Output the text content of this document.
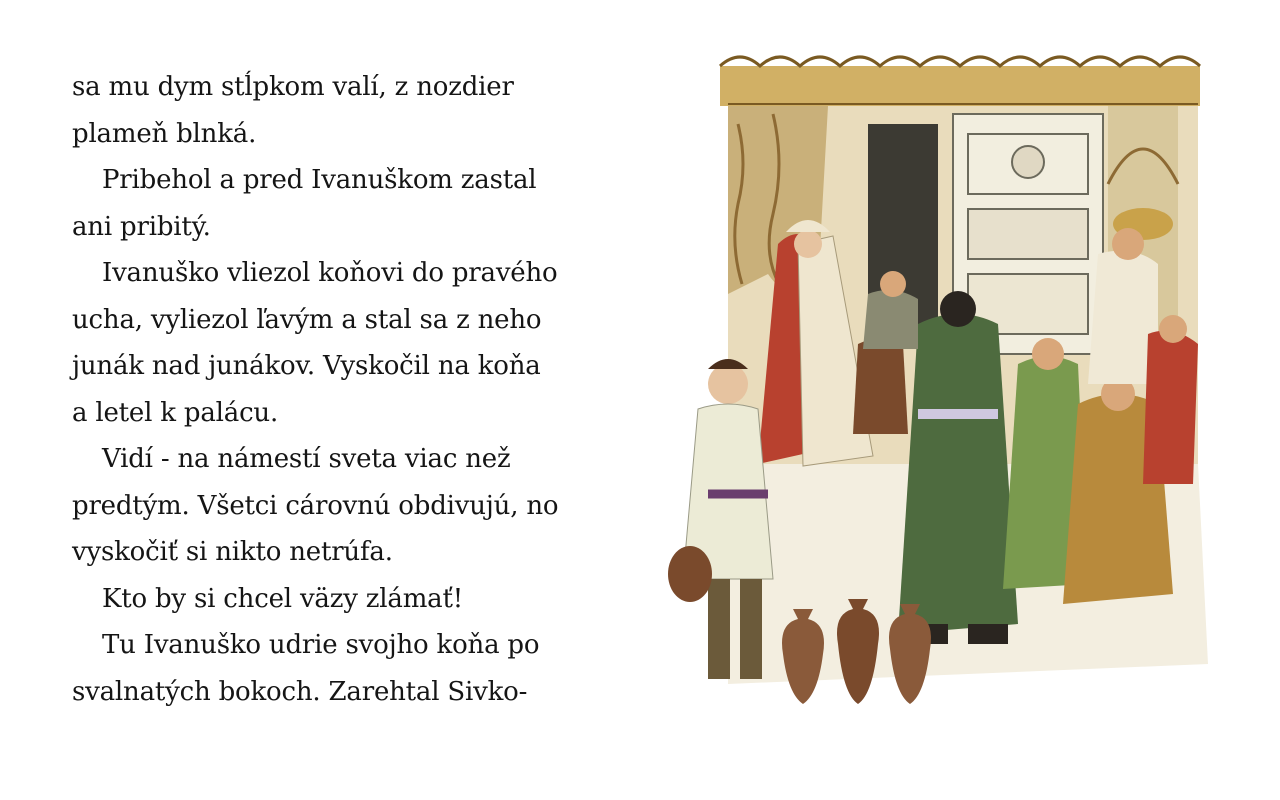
sa mu dym stĺpkom valí, z nozdier
plameň blnká.
Pribehol a pred Ivanuškom zastal
ani pribitý.
Ivanuško vliezol koňovi do pravého
ucha, vyliezol ľavým a stal sa z neho
junák nad junákov. Vyskočil na koňa
a letel k palácu.
Vidí - na námestí sveta viac než
predtým. Všetci cárovnú obdivujú, no
vyskočiť si nikto netrúfa.
Kto by si chcel väzy zlámať!
Tu Ivanuško udrie svojho koňa po
svalnatých bokoch. Zarehtal Sivko-
